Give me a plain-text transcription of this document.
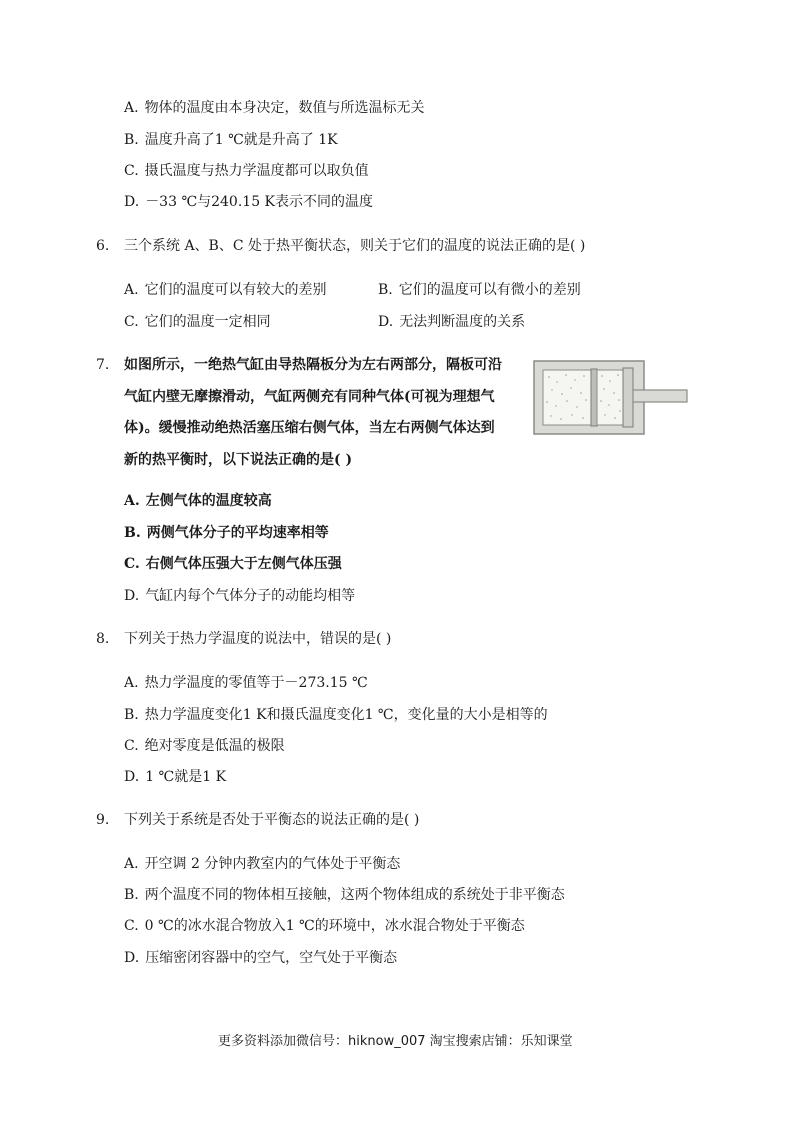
A. 物体的温度由本身决定，数值与所选温标无关
B. 温度升高了1 ℃就是升高了 1K
C. 摄氏温度与热力学温度都可以取负值
D. －33 ℃与240.15 K表示不同的温度
6. 三个系统 A、B、C 处于热平衡状态，则关于它们的温度的说法正确的是( )
A. 它们的温度可以有较大的差别	B. 它们的温度可以有微小的差别
C. 它们的温度一定相同	D. 无法判断温度的关系
7. 如图所示，一绝热气缸由导热隔板分为左右两部分，隔板可沿
气缸内壁无摩擦滑动，气缸两侧充有同种气体(可视为理想气
体)。缓慢推动绝热活塞压缩右侧气体，当左右两侧气体达到
新的热平衡时，以下说法正确的是( )
A. 左侧气体的温度较高
B. 两侧气体分子的平均速率相等
C. 右侧气体压强大于左侧气体压强
D. 气缸内每个气体分子的动能均相等
8. 下列关于热力学温度的说法中，错误的是( )
A. 热力学温度的零值等于－273.15 ℃
B. 热力学温度变化1 K和摄氏温度变化1 ℃，变化量的大小是相等的
C. 绝对零度是低温的极限
D. 1 ℃就是1 K
9. 下列关于系统是否处于平衡态的说法正确的是( )
A. 开空调 2 分钟内教室内的气体处于平衡态
B. 两个温度不同的物体相互接触，这两个物体组成的系统处于非平衡态
C. 0 ℃的冰水混合物放入1 ℃的环境中，冰水混合物处于平衡态
D. 压缩密闭容器中的空气，空气处于平衡态
更多资料添加微信号：hiknow_007 淘宝搜索店铺：乐知课堂
